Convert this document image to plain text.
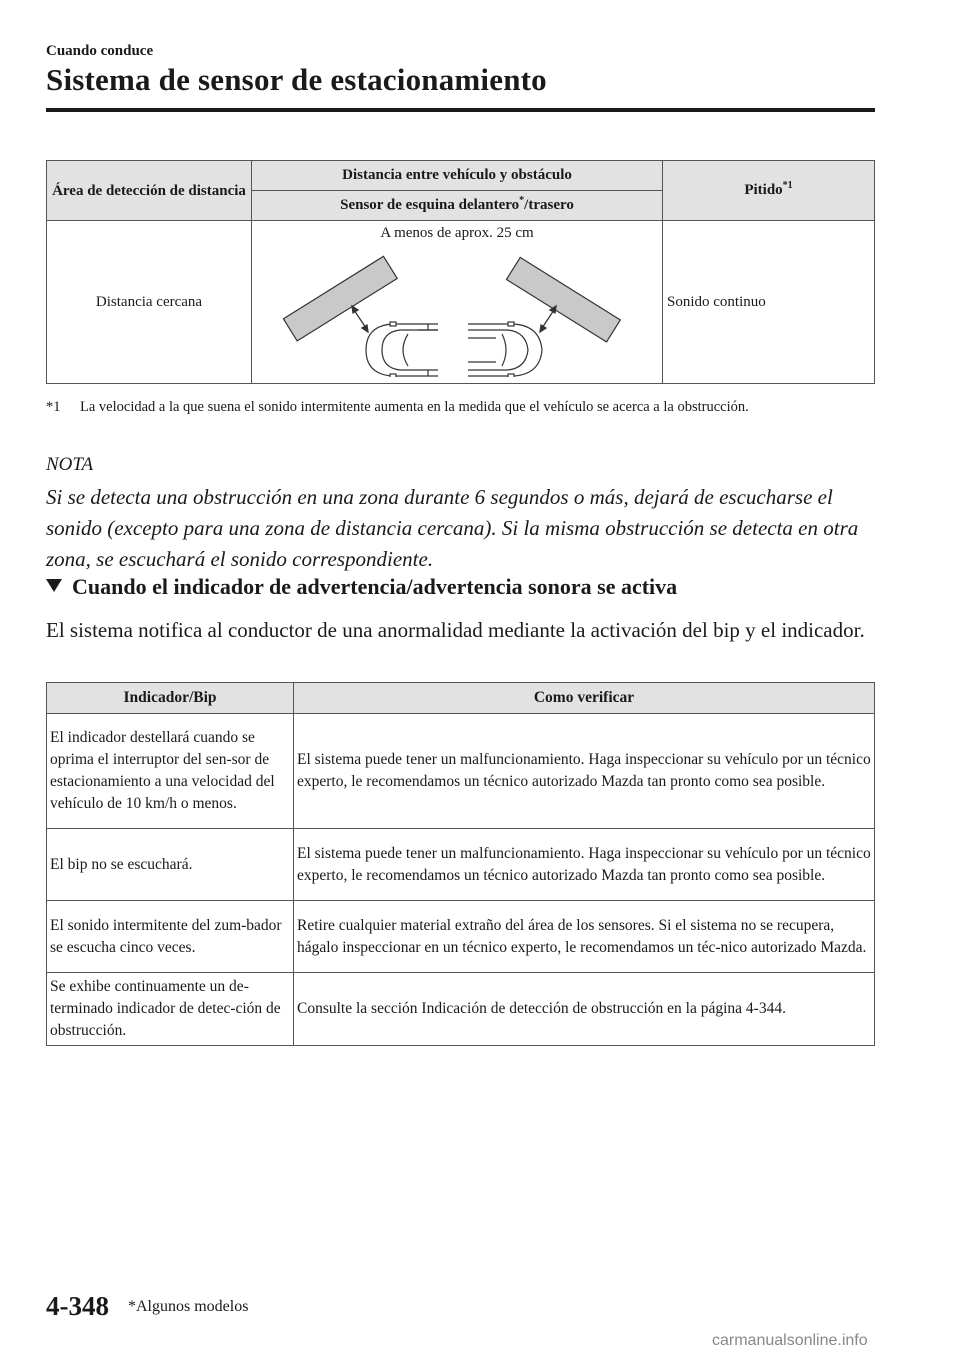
Cuando conduce
Sistema de sensor de estacionamiento
Área de detección de distancia	Distancia entre vehículo y obstáculo	Pitido$^{*1}$
	Sensor de esquina delantero*/trasero	
Distancia cercana	A menos de aprox. 25 cm	Sonido continuo
*1 La velocidad a la que suena el sonido intermitente aumenta en la medida que el vehículo se acerca a la obstrucción.
NOTA
Si se detecta una obstrucción en una zona durante 6 segundos o más, dejará de escucharse el sonido (excepto para una zona de distancia cercana). Si la misma obstrucción se detecta en otra zona, se escuchará el sonido correspondiente.
Cuando el indicador de advertencia/advertencia sonora se activa
El sistema notifica al conductor de una anormalidad mediante la activación del bip y el indicador.
Indicador/Bip	Como verificar
El indicador destellará cuando se oprima el interruptor del sen-sor de estacionamiento a una velocidad del vehículo de 10 km/h o menos.	El sistema puede tener un malfuncionamiento. Haga inspeccionar su vehículo por un técnico experto, le recomendamos un técnico autorizado Mazda tan pronto como sea posible.
El bip no se escuchará.	El sistema puede tener un malfuncionamiento. Haga inspeccionar su vehículo por un técnico experto, le recomendamos un técnico autorizado Mazda tan pronto como sea posible.
El sonido intermitente del zum-bador se escucha cinco veces.	Retire cualquier material extraño del área de los sensores. Si el sistema no se recupera, hágalo inspeccionar en un técnico experto, le recomendamos un téc-nico autorizado Mazda.
Se exhibe continuamente un de-terminado indicador de detec-ción de obstrucción.	Consulte la sección Indicación de detección de obstrucción en la página 4-344.
4-348 *Algunos modelos
carmanualsonline.info
